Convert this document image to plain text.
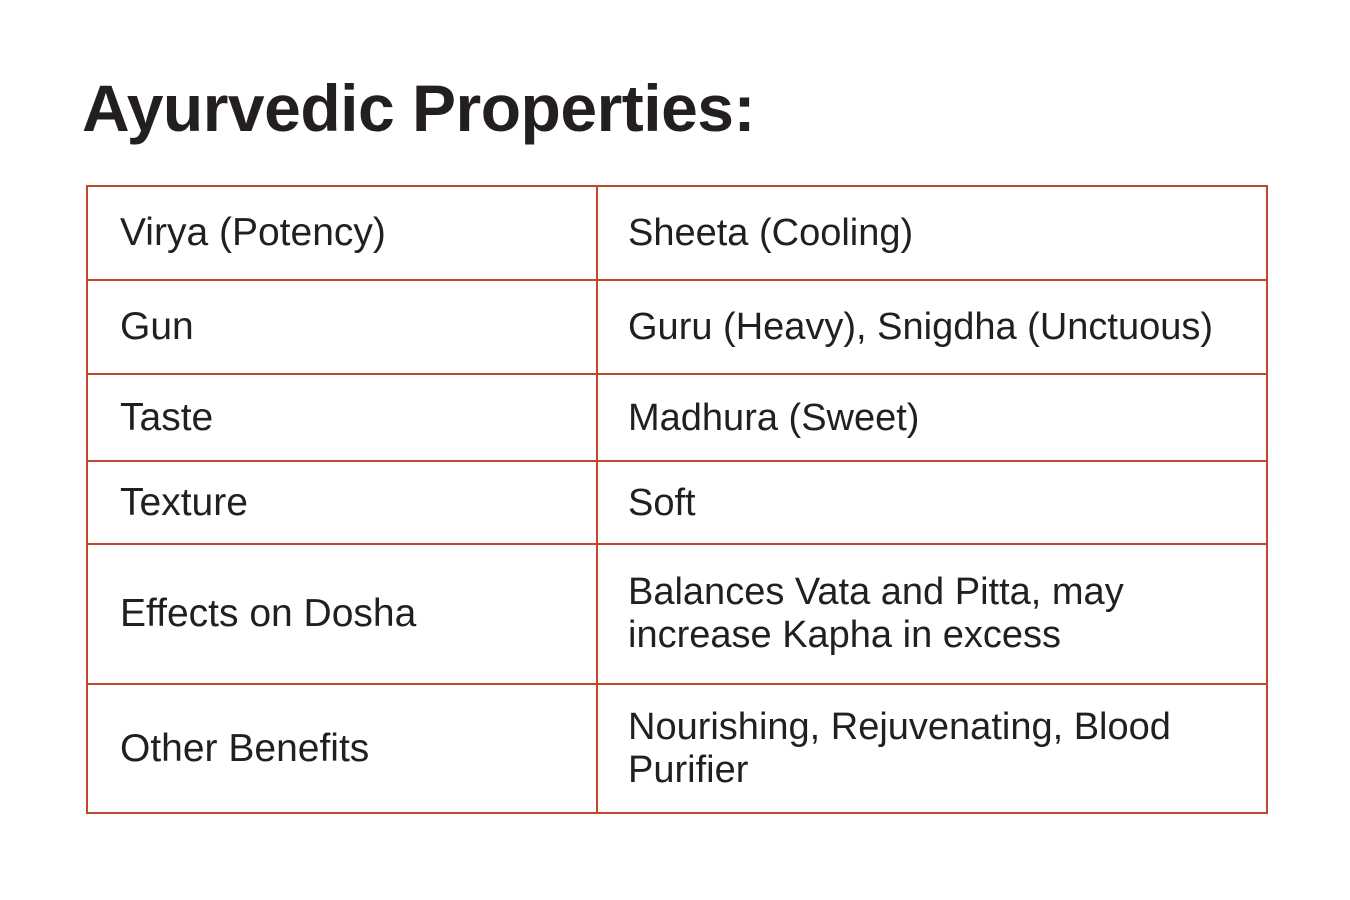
Ayurvedic Properties:
Virya (Potency)	Sheeta (Cooling)
Gun	Guru (Heavy), Snigdha (Unctuous)
Taste	Madhura (Sweet)
Texture	Soft
Effects on Dosha	Balances Vata and Pitta, may increase Kapha in excess
Other Benefits	Nourishing, Rejuvenating, Blood Purifier
